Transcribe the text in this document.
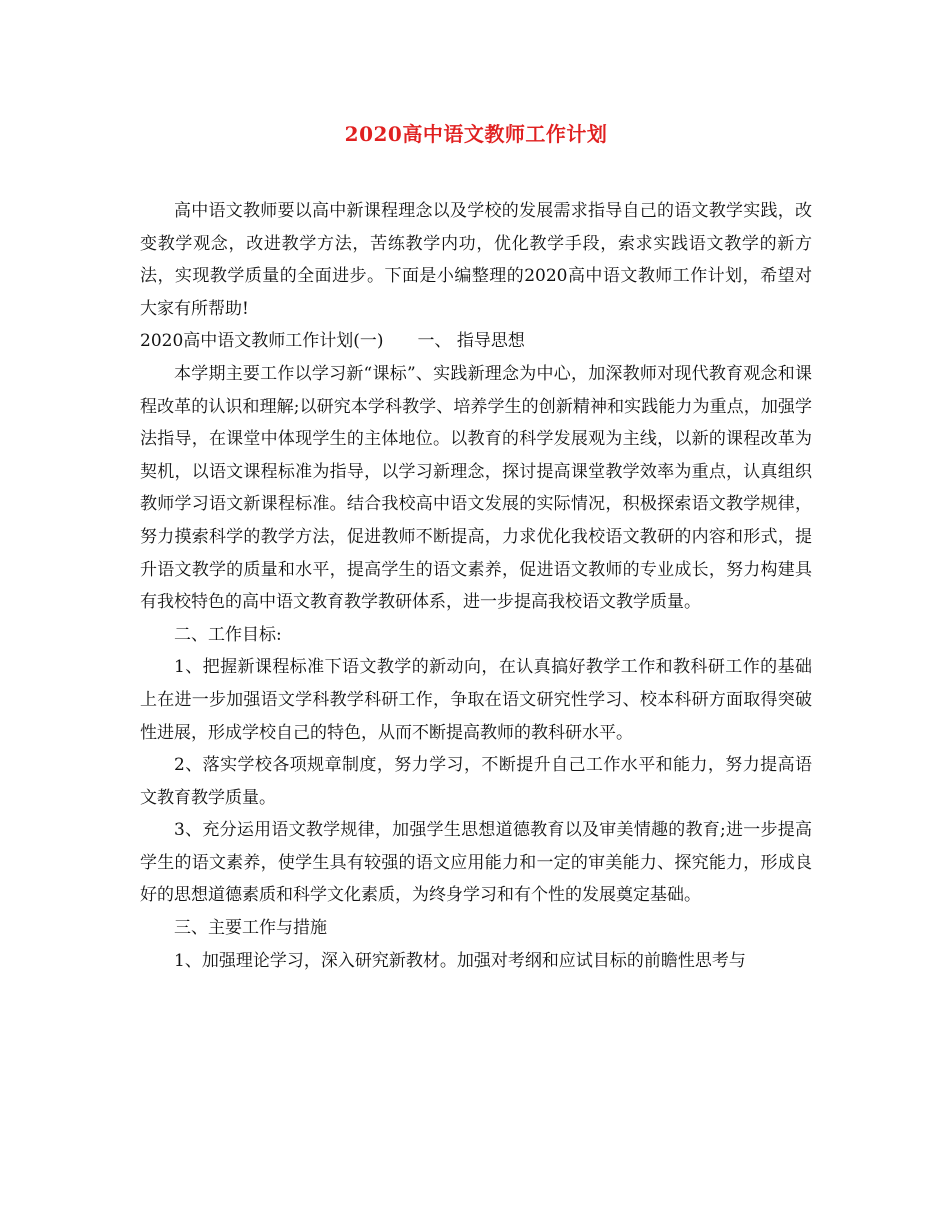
2020高中语文教师工作计划

高中语文教师要以高中新课程理念以及学校的发展需求指导自己的语文教学实践，改变教学观念，改进教学方法，苦练教学内功，优化教学手段，索求实践语文教学的新方法，实现教学质量的全面进步。下面是小编整理的2020高中语文教师工作计划，希望对大家有所帮助!

2020高中语文教师工作计划(一) 一、 指导思想

本学期主要工作以学习新“课标”、实践新理念为中心，加深教师对现代教育观念和课程改革的认识和理解;以研究本学科教学、培养学生的创新精神和实践能力为重点，加强学法指导，在课堂中体现学生的主体地位。以教育的科学发展观为主线，以新的课程改革为契机，以语文课程标准为指导，以学习新理念，探讨提高课堂教学效率为重点，认真组织教师学习语文新课程标准。结合我校高中语文发展的实际情况，积极探索语文教学规律，努力摸索科学的教学方法，促进教师不断提高，力求优化我校语文教研的内容和形式，提升语文教学的质量和水平，提高学生的语文素养，促进语文教师的专业成长，努力构建具有我校特色的高中语文教育教学教研体系，进一步提高我校语文教学质量。

二、工作目标:

1、把握新课程标准下语文教学的新动向，在认真搞好教学工作和教科研工作的基础上在进一步加强语文学科教学科研工作，争取在语文研究性学习、校本科研方面取得突破性进展，形成学校自己的特色，从而不断提高教师的教科研水平。

2、落实学校各项规章制度，努力学习，不断提升自己工作水平和能力，努力提高语文教育教学质量。

3、充分运用语文教学规律，加强学生思想道德教育以及审美情趣的教育;进一步提高学生的语文素养，使学生具有较强的语文应用能力和一定的审美能力、探究能力，形成良好的思想道德素质和科学文化素质，为终身学习和有个性的发展奠定基础。

三、主要工作与措施

1、加强理论学习，深入研究新教材。加强对考纲和应试目标的前瞻性思考与
